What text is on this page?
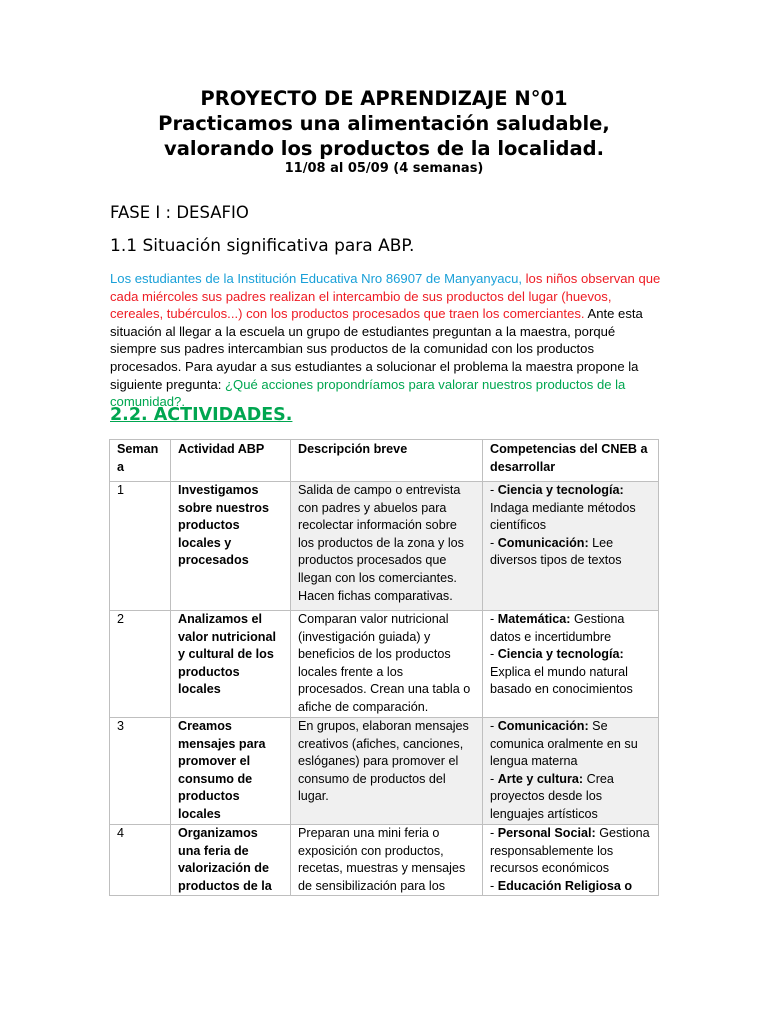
PROYECTO DE APRENDIZAJE N°01
Practicamos una alimentación saludable,
valorando los productos de la localidad.
11/08 al 05/09 (4 semanas)
FASE I : DESAFIO
1.1 Situación significativa para ABP.
Los estudiantes de la Institución Educativa Nro 86907 de Manyanyacu, los niños observan que cada miércoles sus padres realizan el intercambio de sus productos del lugar (huevos, cereales, tubérculos...) con los productos procesados que traen los comerciantes. Ante esta situación al llegar a la escuela un grupo de estudiantes preguntan a la maestra, porqué siempre sus padres intercambian sus productos de la comunidad con los productos procesados. Para ayudar a sus estudiantes a solucionar el problema la maestra propone la siguiente pregunta: ¿Qué acciones propondríamos para valorar nuestros productos de la comunidad?.
2.2. ACTIVIDADES.
Semana	Actividad ABP	Descripción breve	Competencias del CNEB a desarrollar
1	Investigamos sobre nuestros productos locales y procesados	Salida de campo o entrevista con padres y abuelos para recolectar información sobre los productos de la zona y los productos procesados que llegan con los comerciantes. Hacen fichas comparativas.	- Ciencia y tecnología: Indaga mediante métodos científicos
- Comunicación: Lee diversos tipos de textos

2	Analizamos el valor nutricional y cultural de los productos locales	Comparan valor nutricional (investigación guiada) y beneficios de los productos locales frente a los procesados. Crean una tabla o afiche de comparación.	- Matemática: Gestiona datos e incertidumbre
- Ciencia y tecnología: Explica el mundo natural basado en conocimientos

3	Creamos mensajes para promover el consumo de productos locales	En grupos, elaboran mensajes creativos (afiches, canciones, eslóganes) para promover el consumo de productos del lugar.	- Comunicación: Se comunica oralmente en su lengua materna
- Arte y cultura: Crea proyectos desde los lenguajes artísticos

4	Organizamos una feria de valorización de productos de la	Preparan una mini feria o exposición con productos, recetas, muestras y mensajes de sensibilización para los	- Personal Social: Gestiona responsablemente los recursos económicos
- Educación Religiosa o
